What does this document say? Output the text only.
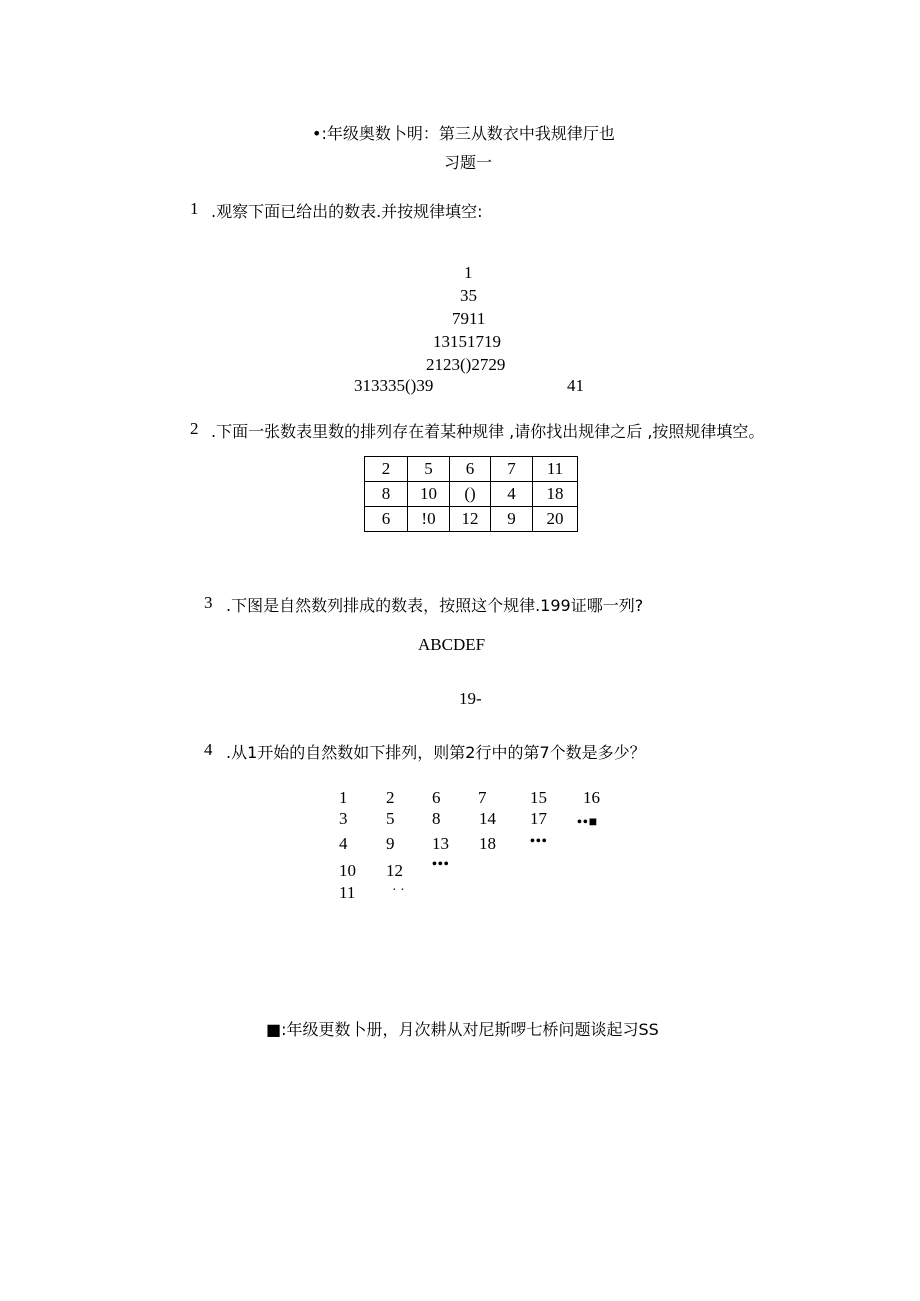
•:年级奥数卜明：第三从数衣中我规律厅也
习题一
1 .观察下面已给出的数表.并按规律填空:
1
35
7911
13151719
2123()2729
313335()39	41
2 .下面一张数表里数的排列存在着某种规律 ,请你找出规律之后 ,按照规律填空。
2	5	6	7	11
8	10	()	4	18
6	!0	12	9	20
3 .下图是自然数列排成的数表，按照这个规律.199证哪一列?
ABCDEF
19-
4 .从1开始的自然数如下排列，则第2行中的第7个数是多少？
1 2 6 7	15 16
3 5 8 14 17 ••■
4 9 13 18 •••
10 12 •••
11	· ·
■:年级更数卜册，月次耕从对尼斯啰七桥问题谈起习SS
